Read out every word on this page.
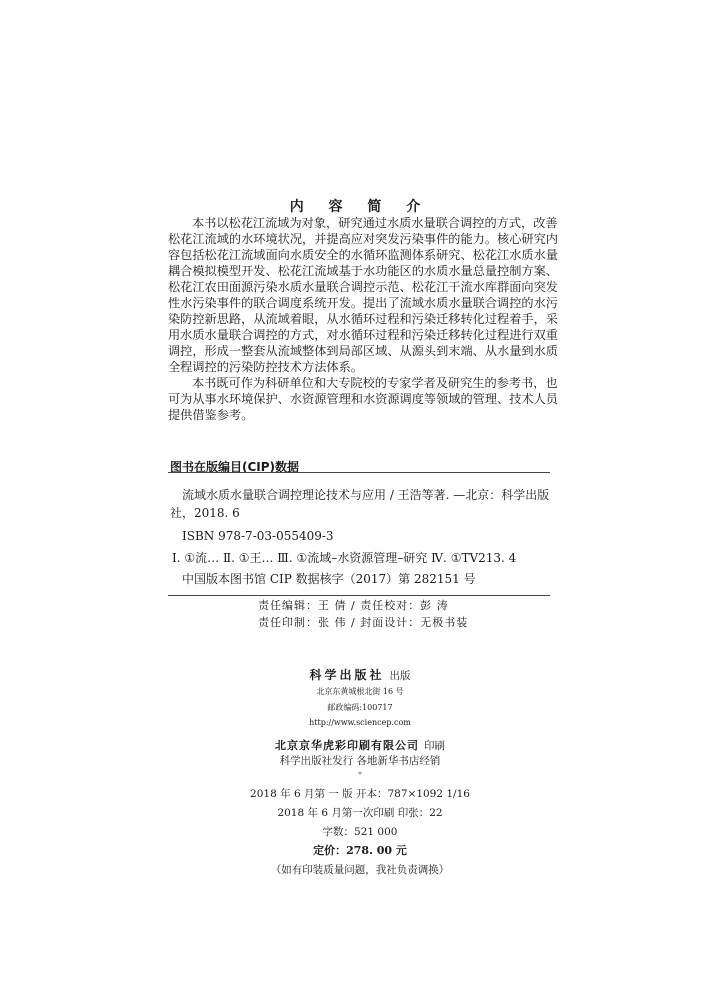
内 容 简 介
本书以松花江流域为对象，研究通过水质水量联合调控的方式，改善
松花江流域的水环境状况，并提高应对突发污染事件的能力。核心研究内
容包括松花江流域面向水质安全的水循环监测体系研究、松花江水质水量
耦合模拟模型开发、松花江流域基于水功能区的水质水量总量控制方案、
松花江农田面源污染水质水量联合调控示范、松花江干流水库群面向突发
性水污染事件的联合调度系统开发。提出了流域水质水量联合调控的水污
染防控新思路，从流域着眼，从水循环过程和污染迁移转化过程着手，采
用水质水量联合调控的方式，对水循环过程和污染迁移转化过程进行双重
调控，形成一整套从流域整体到局部区域、从源头到末端、从水量到水质
全程调控的污染防控技术方法体系。
本书既可作为科研单位和大专院校的专家学者及研究生的参考书，也
可为从事水环境保护、水资源管理和水资源调度等领域的管理、技术人员
提供借鉴参考。
图书在版编目(CIP)数据
流域水质水量联合调控理论技术与应用 / 王浩等著. —北京：科学出版
社，2018. 6
ISBN 978-7-03-055409-3
Ⅰ. ①流… Ⅱ. ①王… Ⅲ. ①流域–水资源管理–研究 Ⅳ. ①TV213. 4
中国版本图书馆 CIP 数据核字（2017）第 282151 号
责任编辑：王 倩 / 责任校对：彭 涛
责任印制：张 伟 / 封面设计：无极书装
科学出版社 出版
北京东黄城根北街 16 号
邮政编码:100717
http://www.sciencep.com
北京京华虎彩印刷有限公司 印刷
科学出版社发行 各地新华书店经销
*
2018 年 6 月第 一 版 开本：787×1092 1/16
2018 年 6 月第一次印刷 印张：22
字数：521 000
定价：278. 00 元
（如有印装质量问题，我社负责调换）
